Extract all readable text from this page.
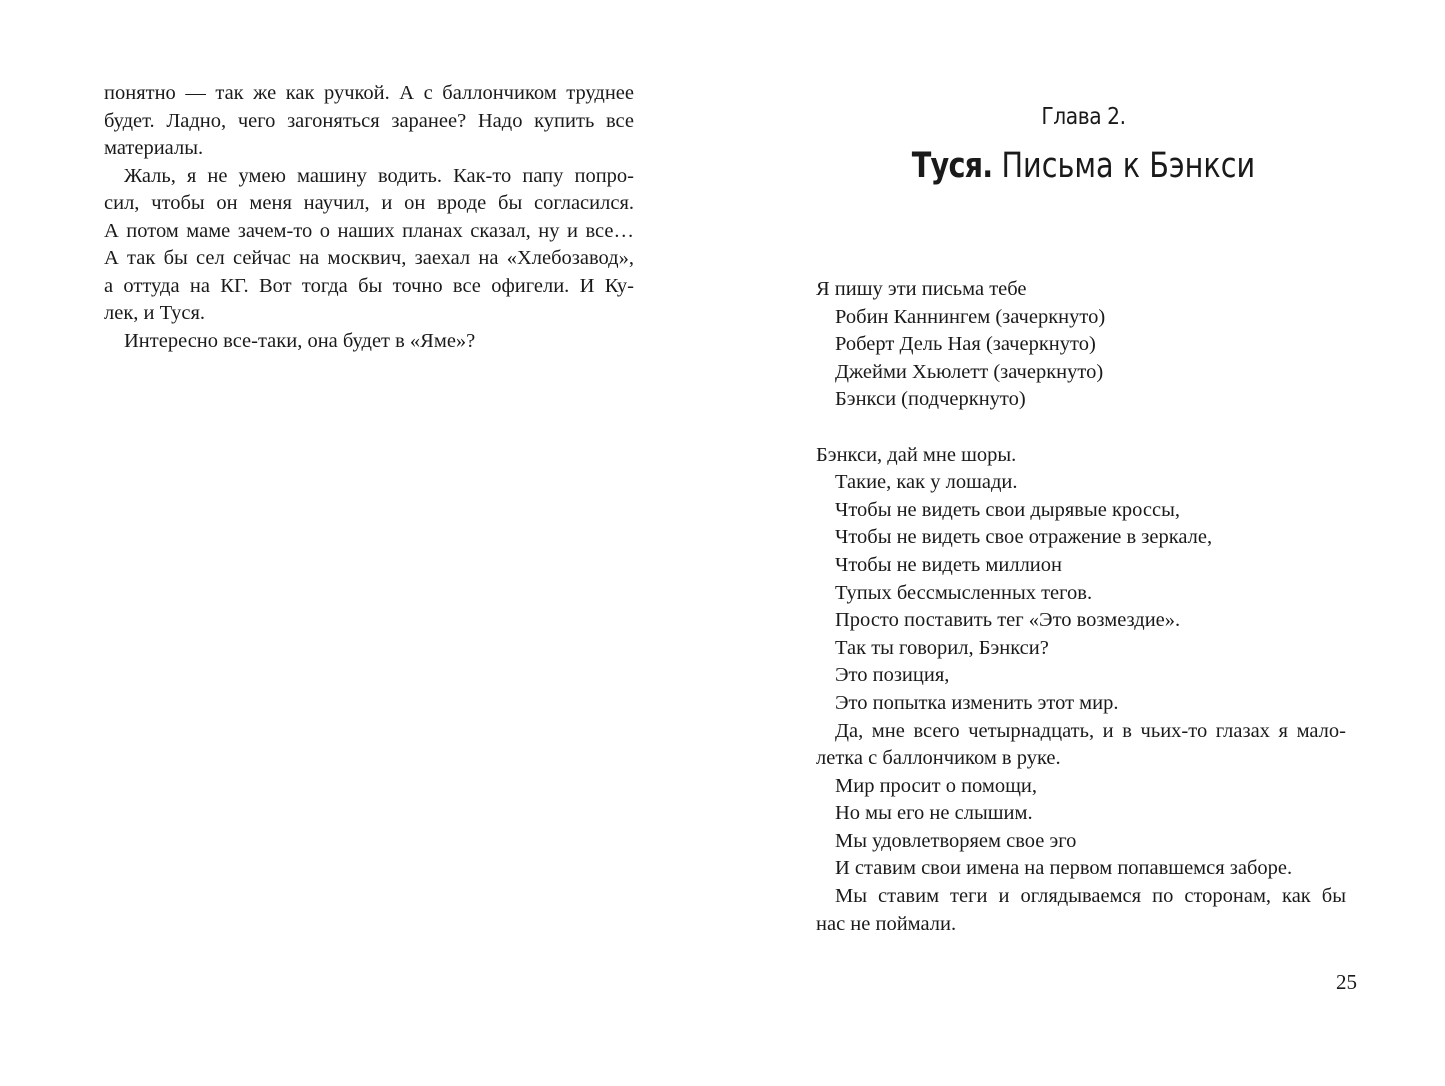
понятно — так же как ручкой. А с баллончиком труднее
будет. Ладно, чего загоняться заранее? Надо купить все
материалы.
Жаль, я не умею машину водить. Как-то папу попро-
сил, чтобы он меня научил, и он вроде бы согласился.
А потом маме зачем-то о наших планах сказал, ну и все…
А так бы сел сейчас на москвич, заехал на «Хлебозавод»,
а оттуда на КГ. Вот тогда бы точно все офигели. И Ку-
лек, и Туся.
Интересно все-таки, она будет в «Яме»?
Глава 2.
Туся. Письма к Бэнкси
Я пишу эти письма тебе
Робин Каннингем (зачеркнуто)
Роберт Дель Ная (зачеркнуто)
Джейми Хьюлетт (зачеркнуто)
Бэнкси (подчеркнуто)
Бэнкси, дай мне шоры.
Такие, как у лошади.
Чтобы не видеть свои дырявые кроссы,
Чтобы не видеть свое отражение в зеркале,
Чтобы не видеть миллион
Тупых бессмысленных тегов.
Просто поставить тег «Это возмездие».
Так ты говорил, Бэнкси?
Это позиция,
Это попытка изменить этот мир.
Да, мне всего четырнадцать, и в чьих-то глазах я мало-
летка с баллончиком в руке.
Мир просит о помощи,
Но мы его не слышим.
Мы удовлетворяем свое эго
И ставим свои имена на первом попавшемся заборе.
Мы ставим теги и оглядываемся по сторонам, как бы
нас не поймали.
25
